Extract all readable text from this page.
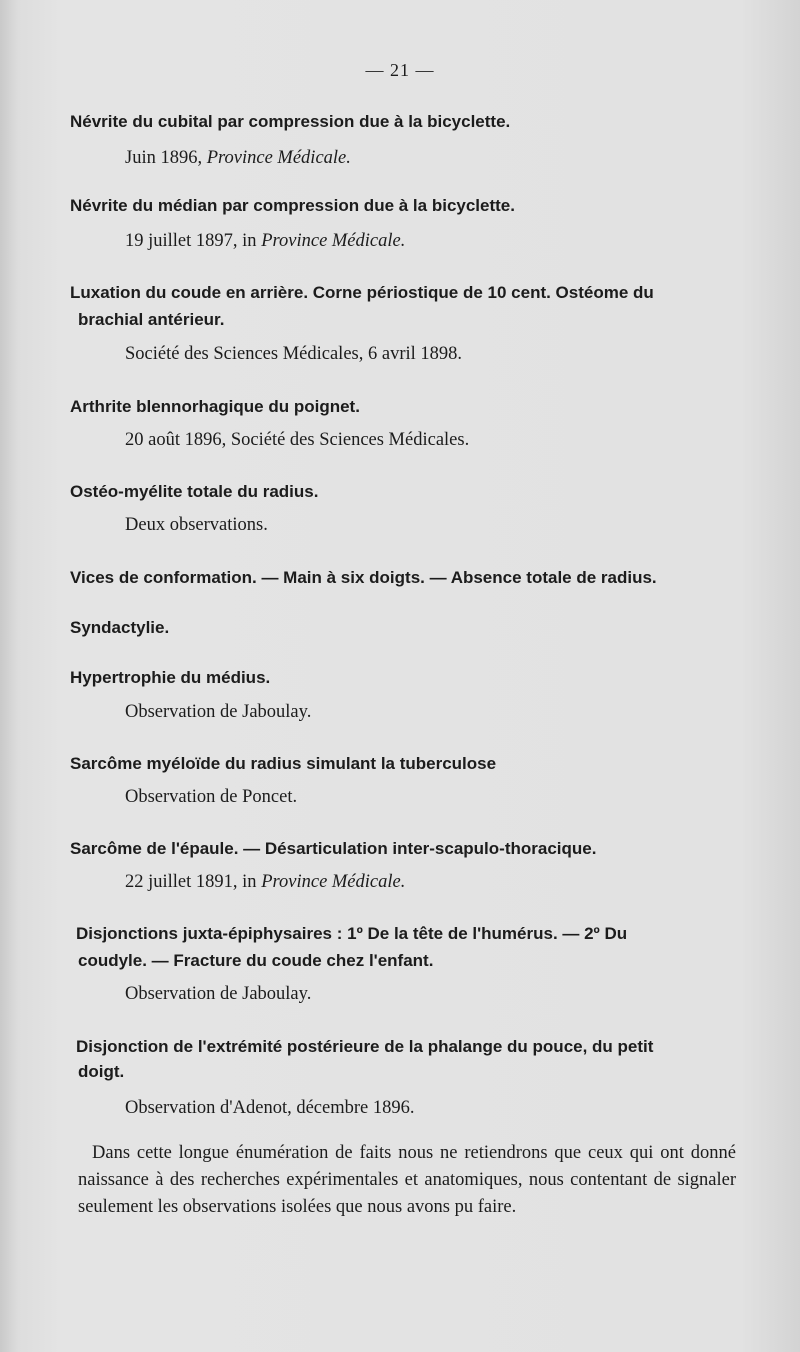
— 21 —
Névrite du cubital par compression due à la bicyclette.
Juin 1896, Province Médicale.
Névrite du médian par compression due à la bicyclette.
19 juillet 1897, in Province Médicale.
Luxation du coude en arrière. Corne périostique de 10 cent. Ostéome du
brachial antérieur.
Société des Sciences Médicales, 6 avril 1898.
Arthrite blennorhagique du poignet.
20 août 1896, Société des Sciences Médicales.
Ostéo-myélite totale du radius.
Deux observations.
Vices de conformation. — Main à six doigts. — Absence totale de radius.
Syndactylie.
Hypertrophie du médius.
Observation de Jaboulay.
Sarcôme myéloïde du radius simulant la tuberculose
Observation de Poncet.
Sarcôme de l'épaule. — Désarticulation inter-scapulo-thoracique.
22 juillet 1891, in Province Médicale.
Disjonctions juxta-épiphysaires : 1º De la tête de l'humérus. — 2º Du
coudyle. — Fracture du coude chez l'enfant.
Observation de Jaboulay.
Disjonction de l'extrémité postérieure de la phalange du pouce, du petit
doigt.
Observation d'Adenot, décembre 1896.
Dans cette longue énumération de faits nous ne retiendrons que ceux qui ont donné naissance à des recherches expérimentales et anatomiques, nous contentant de signaler seulement les observations isolées que nous avons pu faire.
